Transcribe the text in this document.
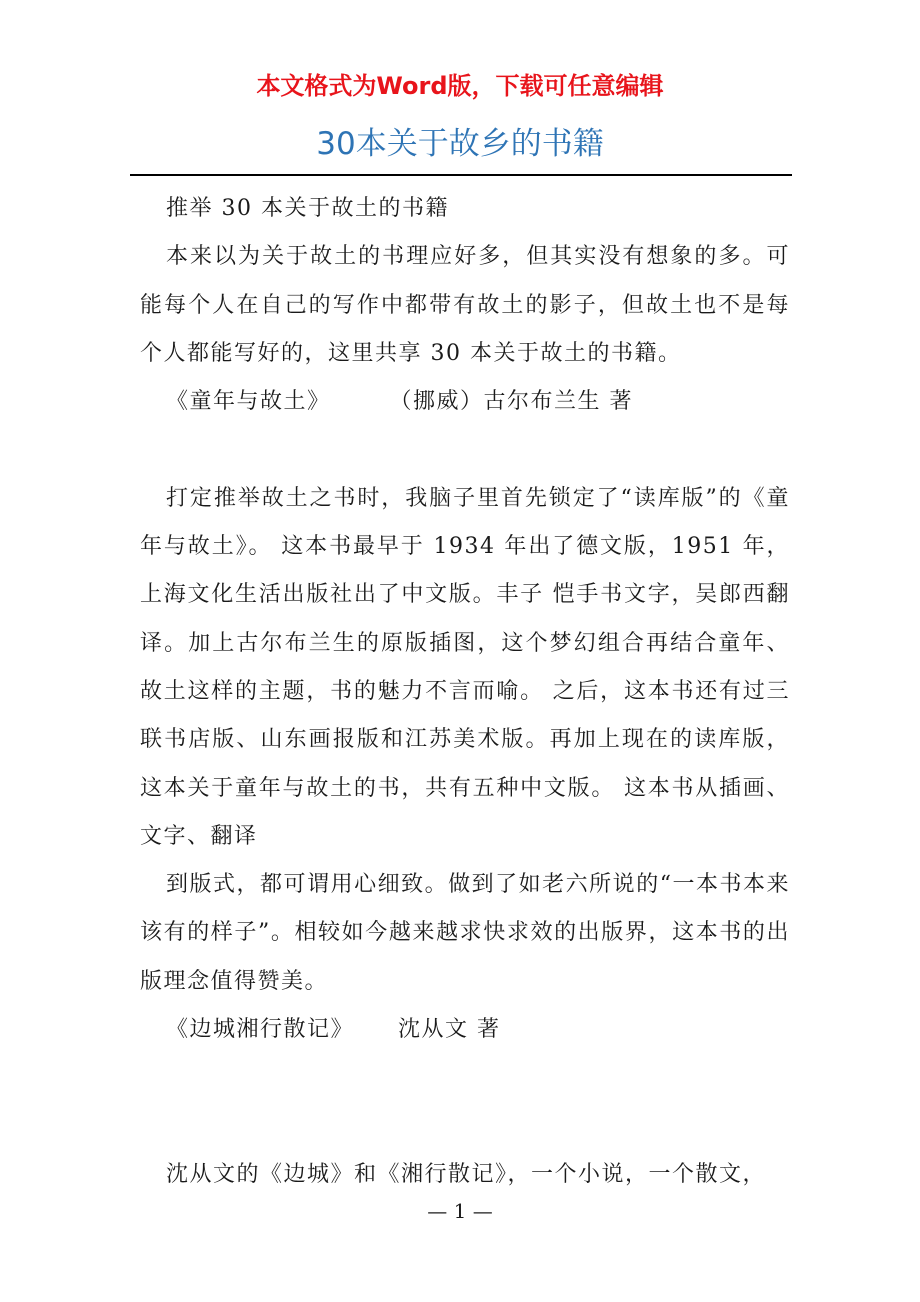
本文格式为Word版，下载可任意编辑
30本关于故乡的书籍

推举 30 本关于故土的书籍

本来以为关于故土的书理应好多，但其实没有想象的多。可能每个人在自己的写作中都带有故土的影子，但故土也不是每个人都能写好的，这里共享 30 本关于故土的书籍。

《童年与故土》	（挪威）古尔布兰生 著

打定推举故土之书时，我脑子里首先锁定了“读库版”的《童年与故土》。 这本书最早于 1934 年出了德文版，1951 年，上海文化生活出版社出了中文版。丰子 恺手书文字，吴郎西翻译。加上古尔布兰生的原版插图，这个梦幻组合再结合童年、 故土这样的主题，书的魅力不言而喻。 之后，这本书还有过三联书店版、山东画报版和江苏美术版。再加上现在的读库版， 这本关于童年与故土的书，共有五种中文版。 这本书从插画、文字、翻译

到版式，都可谓用心细致。做到了如老六所说的“一本书本来该有的样子”。相较如今越来越求快求效的出版界，这本书的出版理念值得赞美。

《边城湘行散记》 沈从文 著

沈从文的《边城》和《湘行散记》，一个小说，一个散文，

— 1 —
